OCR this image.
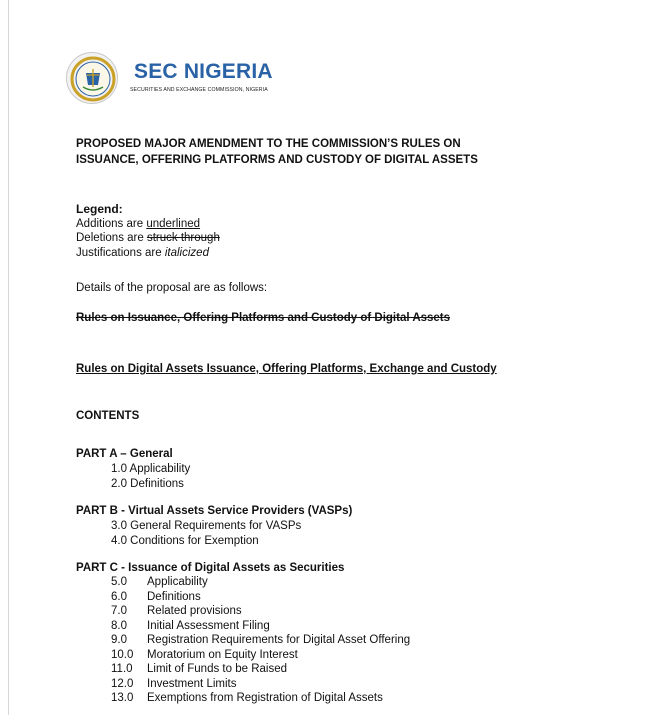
SEC NIGERIA
SECURITIES AND EXCHANGE COMMISSION, NIGERIA
PROPOSED MAJOR AMENDMENT TO THE COMMISSION’S RULES ON
ISSUANCE, OFFERING PLATFORMS AND CUSTODY OF DIGITAL ASSETS
Legend:
Additions are underlined
Deletions are struck through
Justifications are italicized
Details of the proposal are as follows:
Rules on Issuance, Offering Platforms and Custody of Digital Assets
Rules on Digital Assets Issuance, Offering Platforms, Exchange and Custody
CONTENTS
PART A – General
1.0 Applicability
2.0 Definitions
PART B - Virtual Assets Service Providers (VASPs)
3.0 General Requirements for VASPs
4.0 Conditions for Exemption
PART C - Issuance of Digital Assets as Securities
5.0 Applicability
6.0 Definitions
7.0 Related provisions
8.0 Initial Assessment Filing
9.0 Registration Requirements for Digital Asset Offering
10.0 Moratorium on Equity Interest
11.0 Limit of Funds to be Raised
12.0 Investment Limits
13.0 Exemptions from Registration of Digital Assets
